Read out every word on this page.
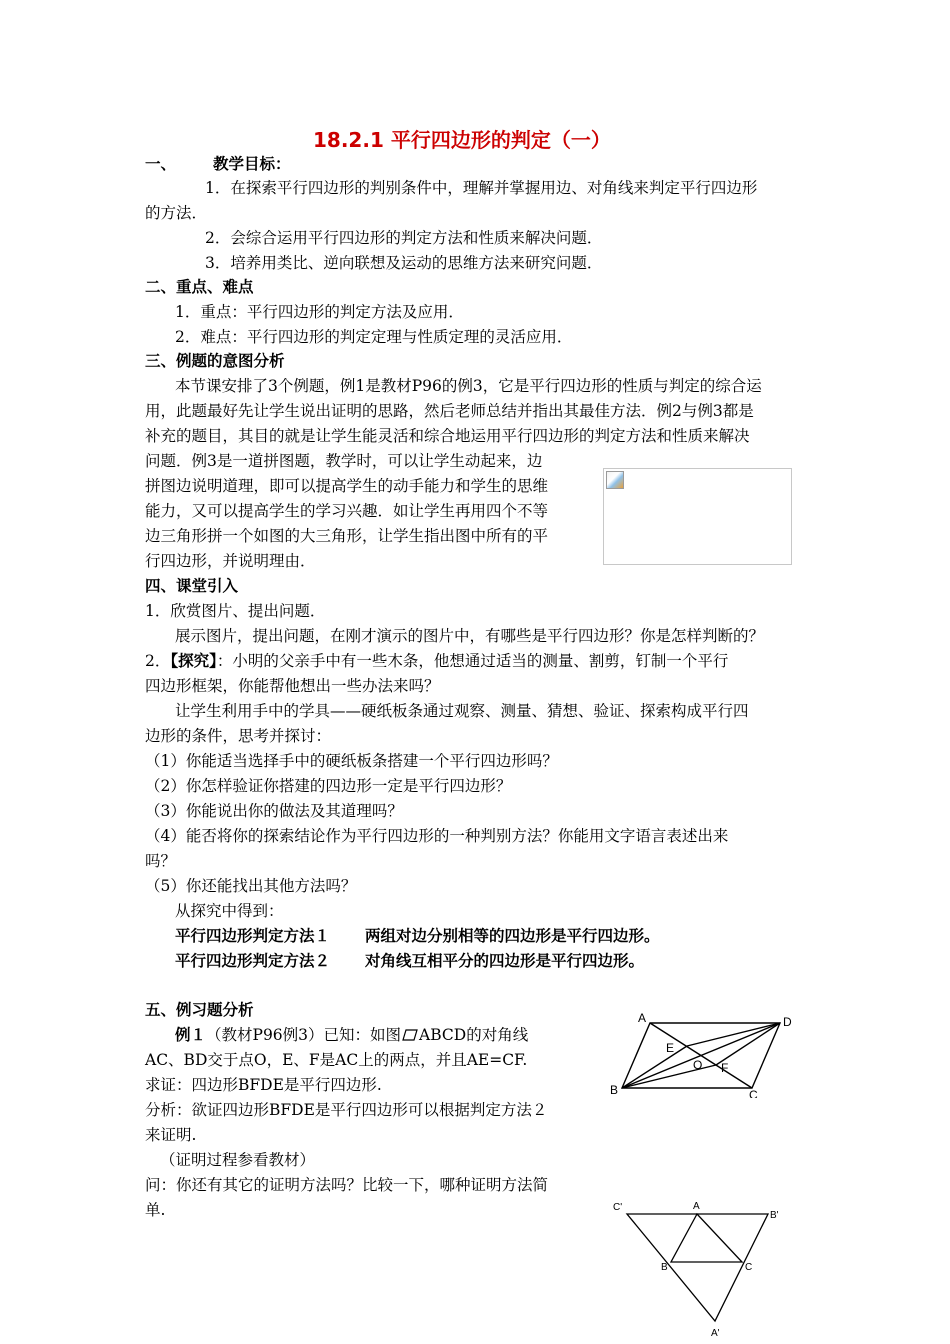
18.2.1 平行四边形的判定（一）
一、 教学目标：
1．在探索平行四边形的判别条件中，理解并掌握用边、对角线来判定平行四边形
的方法．
2．会综合运用平行四边形的判定方法和性质来解决问题．
3．培养用类比、逆向联想及运动的思维方法来研究问题．
二、重点、难点
1．重点：平行四边形的判定方法及应用．
2．难点：平行四边形的判定定理与性质定理的灵活应用．
三、例题的意图分析
本节课安排了3个例题，例1是教材P96的例3，它是平行四边形的性质与判定的综合运
用，此题最好先让学生说出证明的思路，然后老师总结并指出其最佳方法．例2与例3都是
补充的题目，其目的就是让学生能灵活和综合地运用平行四边形的判定方法和性质来解决
问题．例3是一道拼图题，教学时，可以让学生动起来，边
拼图边说明道理，即可以提高学生的动手能力和学生的思维
能力，又可以提高学生的学习兴趣．如让学生再用四个不等
边三角形拼一个如图的大三角形，让学生指出图中所有的平
行四边形，并说明理由．
四、课堂引入
1．欣赏图片、提出问题．
展示图片，提出问题，在刚才演示的图片中，有哪些是平行四边形？你是怎样判断的？
2．【探究】：小明的父亲手中有一些木条，他想通过适当的测量、割剪，钉制一个平行
四边形框架，你能帮他想出一些办法来吗？
让学生利用手中的学具——硬纸板条通过观察、测量、猜想、验证、探索构成平行四
边形的条件，思考并探讨：
（1）你能适当选择手中的硬纸板条搭建一个平行四边形吗？
（2）你怎样验证你搭建的四边形一定是平行四边形？
（3）你能说出你的做法及其道理吗？
（4）能否将你的探索结论作为平行四边形的一种判别方法？你能用文字语言表述出来
吗？
（5）你还能找出其他方法吗？
从探究中得到：
平行四边形判定方法１ 两组对边分别相等的四边形是平行四边形。
平行四边形判定方法２ 对角线互相平分的四边形是平行四边形。
五、例习题分析
例１（教材P96例3）已知：如图 ABCD的对角线
AC、BD交于点O，E、F是AC上的两点，并且AE=CF.
求证：四边形BFDE是平行四边形.
分析：欲证四边形BFDE是平行四边形可以根据判定方法２
来证明.
（证明过程参看教材）
问：你还有其它的证明方法吗？比较一下，哪种证明方法简
单.
A	D
B	C
E
F
O
C'	A
B'
B	C
A'
